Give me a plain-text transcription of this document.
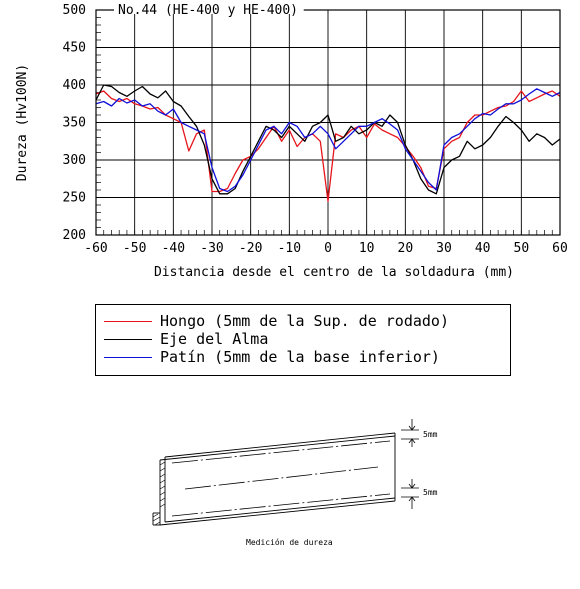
-60 -50 -40 -30 -20 -10 0 10 20 30 40 50 60
500
450
400
350
300
250
200
No.44 (HE-400 y HE-400)
Distancia desde el centro de la soldadura (mm)
Dureza (Hv100N)
Hongo (5mm de la Sup. de rodado)
Eje del Alma
Patín (5mm de la base inferior)
5mm
5mm
Medición de dureza
